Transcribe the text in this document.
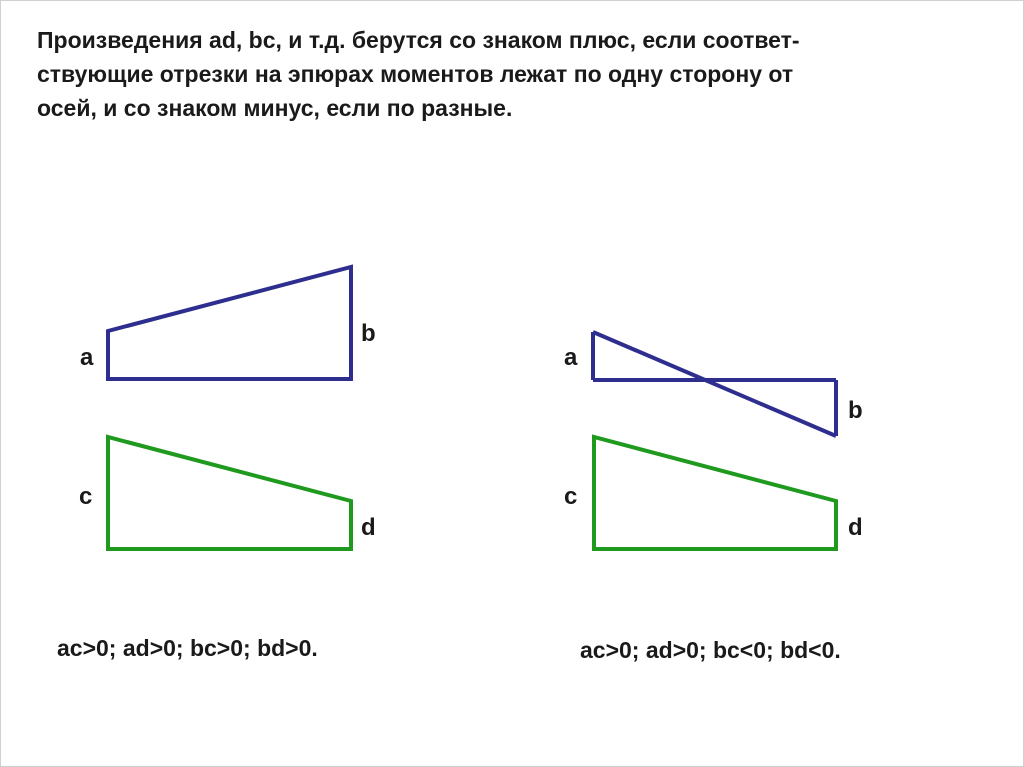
Произведения ad, bc, и т.д. берутся со знаком плюс, если соответ-
ствующие отрезки на эпюрах моментов лежат по одну сторону от
осей, и со знаком минус, если по разные.
a
b
c
d
a
b
c
d
ac>0; ad>0; bc>0; bd>0.	ac>0; ad>0; bc<0; bd<0.
